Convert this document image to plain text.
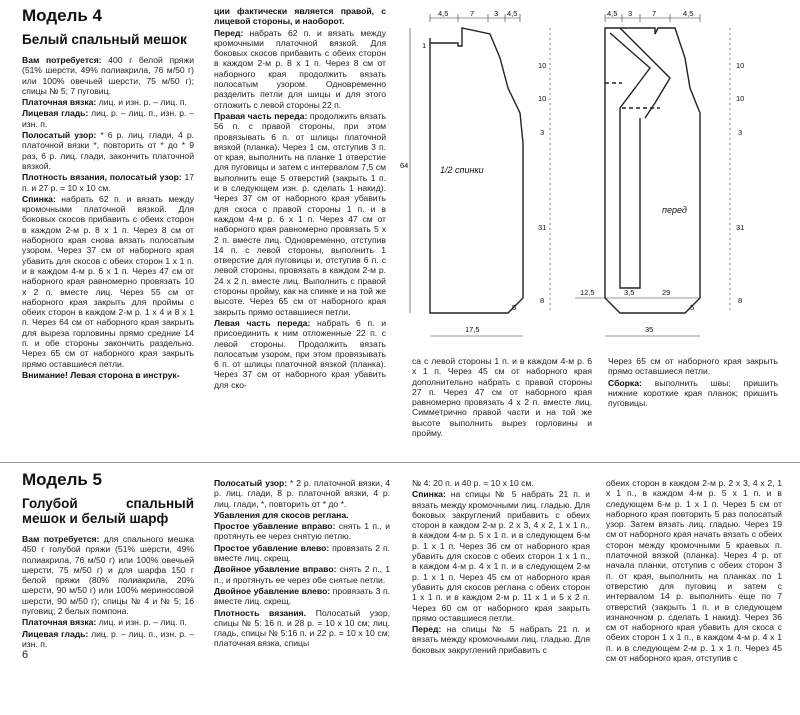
Модель 4
Белый спальный мешок

Вам потребуется: 400 г белой пряжи (51% шерсти, 49% полиакрила, 76 м/50 г) или 100% овечьей шерсти, 75 м/50 г); спицы № 5; 7 пуговиц.

Платочная вязка: лиц. и изн. р. – лиц. п.

Лицевая гладь: лиц. р. – лиц. п., изн. р. – изн. п.

Полосатый узор: * 6 р. лиц. глади, 4 р. платочной вязки *, повторить от * до * 9 раз, 6 р. лиц. глади, закончить платочной вязкой.

Плотность вязания, полосатый узор: 17 п. и 27 р. = 10 х 10 см.

Спинка: набрать 62 п. и вязать между кромочными платочной вязкой. Для боковых скосов прибавить с обеих сторон в каждом 2-м р. 8 х 1 п. Через 8 см от наборного края снова вязать полосатым узором. Через 37 см от наборного края убавить для скосов с обеих сторон 1 х 1 п. и в каждом 4-м р. 6 х 1 п. Через 47 см от наборного края равномерно провязать 10 х 2 п. вместе лиц. Через 55 см от наборного края закрыть для проймы с обеих сторон в каждом 2-м р. 1 х 4 и 8 х 1 п. Через 64 см от наборного края закрыть для выреза горловины прямо средние 14 п. и обе стороны закончить раздельно. Через 65 см от наборного края закрыть прямо оставшиеся петли.

Внимание! Левая сторона в инструк-

ции фактически является правой, с лицевой стороны, и наоборот.

Перед: набрать 62 п. и вязать между кромочными платочной вязкой. Для боковых скосов прибавить с обеих сторон в каждом 2-м р. 8 х 1 п. Через 8 см от наборного края продолжить вязать полосатым узором. Одновременно разделить петли для шицы и для этого отложить с левой стороны 22 п.

Правая часть переда: продолжить вязать 56 п. с правой стороны, при этом провязывать 6 п. от шлицы платочной вязкой (планка). Через 1 см, отступив 3 п. от края, выполнить на планке 1 отверстие для пуговицы и затем с интервалом 7,5 см выполнить еще 5 отверстий (закрыть 1 п. и в следующем изн. р. сделать 1 накид). Через 37 см от наборного края убавить для скоса с правой стороны 1 п. и в каждом 4-м р. 6 х 1 п. Через 47 см от наборного края равномерно провязать 5 х 2 п. вместе лиц. Одновременно, отступив 14 п. с левой стороны, выполнить 1 отверстие для пуговицы и, отступив 6 п. с левой стороны, провязать в каждом 2-м р. 24 х 2 п. вместе лиц. Выполнить с правой стороны пройму, как на спинке и на той же высоте. Через 65 см от наборного края закрыть прямо оставшиеся петли.

Левая часть переда: набрать 6 п. и присоединить к ним отложенные 22 п. с левой стороны. Продолжить вязать полосатым узором, при этом провязывать 6 п. от шлицы платочной вязкой (планка). Через 37 см от наборного края убавить для ско-

са с левой стороны 1 п. и в каждом 4-м р. 6 х 1 п. Через 45 см от наборного края дополнительно набрать с правой стороны 27 п. Через 47 см от наборного края равномерно провязать 4 х 2 п. вместе лиц. Симметрично правой части и на той же высоте выполнить вырез горловины и пройму.

Через 65 см от наборного края закрыть прямо оставшиеся петли.

Сборка: выполнить швы; пришить нижние короткие края планок; пришить пуговицы.

4,5	7	3 4,5	4,5 3	7	4,5
1
64
10
10
3
31
8
10
10
3
31
8
5	5
17,5	35
12,5	3,5	29
1/2 спинки
перед
Модель 5
Голубой спальный мешок и белый шарф

Вам потребуется: для спального мешка 450 г голубой пряжи (51% шерсти, 49% полиакрила, 76 м/50 г) или 100% овечьей шерсти, 75 м/50 г) и для шарфа 150 г белой пряжи (80% полиакрила, 20% шерсти, 90 м/50 г) или 100% мериносовой шерсти, 90 м/50 г); спицы № 4 и № 5; 16 пуговиц; 2 белых помпона.

Платочная вязка: лиц. и изн. р. – лиц. п.

Лицевая гладь: лиц. р. – лиц. п., изн. р. – изн. п.

6

Полосатый узор: * 2 р. платочной вязки, 4 р. лиц. глади, 8 р. платочной вязки, 4 р. лиц. глади, *, повторить от * до *.

Убавления для скосов реглана.

Простое убавление вправо: снять 1 п., и протянуть ее через снятую петлю.

Простое убавление влево: провязать 2 п. вместе лиц. скрещ.

Двойное убавление вправо: снять 2 п., 1 п., и протянуть ее через обе снятые петли.

Двойное убавление влево: провязать 3 п. вместе лиц. скрещ.

Плотность вязания. Полосатый узор, спицы № 5: 16 п. и 28 р. = 10 х 10 см; лиц. гладь, спицы № 5:16 п. и 22 р. = 10 х 10 см; платочная вязка, спицы

№ 4: 20 п. и 40 р. = 10 х 10 см.

Спинка: на спицы № 5 набрать 21 п. и вязать между кромочными лиц. гладью. Для боковых закруглений прибавить с обеих сторон в каждом 2-м р. 2 х 3, 4 х 2, 1 х 1 п., в каждом 4-м р. 5 х 1 п. и в следующем 6-м р. 1 х 1 п. Через 36 см от наборного края убавить для скосов с обеих сторон 1 х 1 п., в каждом 4-м р. 4 х 1 п. и в следующем 2-м р. 1 х 1 п. Через 45 см от наборного края убавить для скосов реглана с обеих сторон 1 х 1 п. и в каждом 2-м р. 11 х 1 и 5 х 2 п. Через 60 см от наборного края закрыть прямо оставшиеся петли.

Перед: на спицы № 5 набрать 21 п. и вязать между кромочными лиц. гладью. Для боковых закруглений прибавить с

обеих сторон в каждом 2-м р. 2 х 3, 4 х 2, 1 х 1 п., в каждом 4-м р. 5 х 1 п. и в следующем 6-м р. 1 х 1 п. Через 5 см от наборного края повторить 5 раз полосатый узор. Затем вязать лиц. гладью. Через 19 см от наборного края начать вязать с обеих сторон между кромочными 5 краевых п. платочной вязкой (планка). Через 4 р. от начала планки, отступив с обеих сторон 3 п. от края, выполнить на планках по 1 отверстию для пуговиц и затем с интервалом 14 р. выполнить еще по 7 отверстий (закрыть 1 п. и в следующем изнаночном р. сделать 1 накид). Через 36 см от наборного края убавить для скоса с обеих сторон 1 х 1 п., в каждом 4-м р. 4 х 1 п. и в следующем 2-м р. 1 х 1 п. Через 45 см от наборного края, отступив с
